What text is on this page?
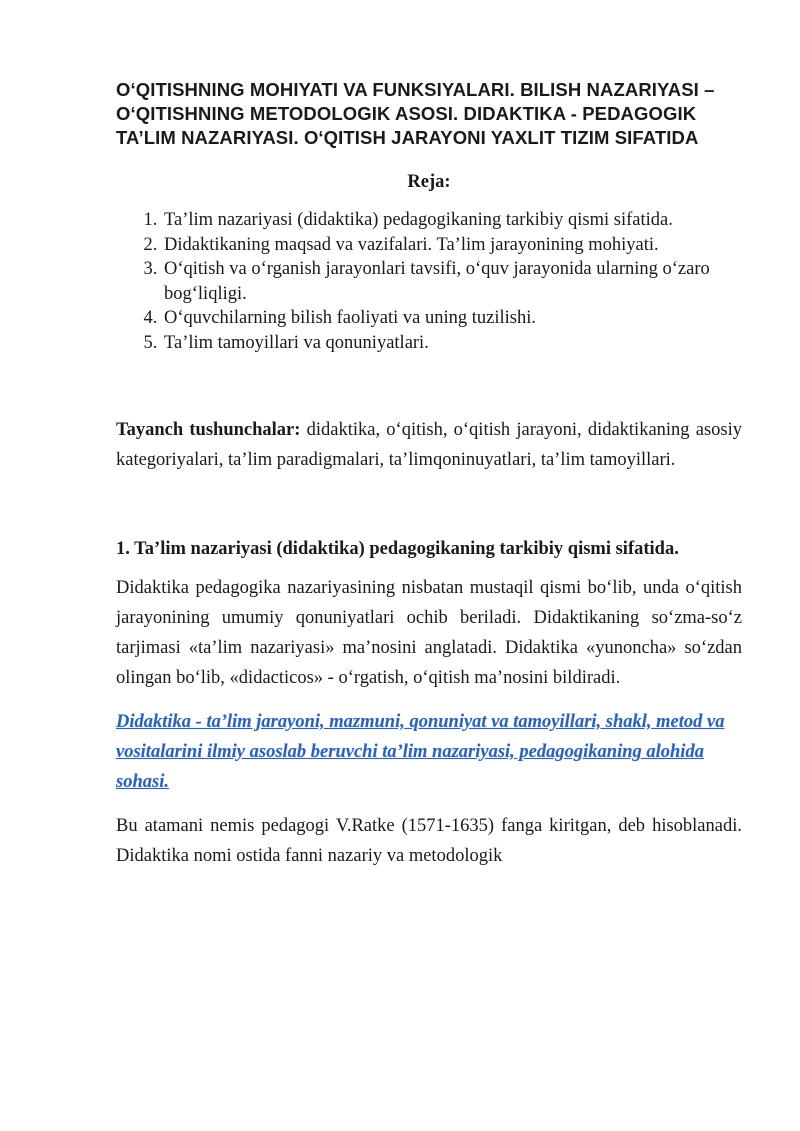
O‘QITISHNING MOHIYATI VA FUNKSIYALARI. BILISH NAZARIYASI – O‘QITISHNING METODOLOGIK ASOSI. DIDAKTIKA - PEDAGOGIK TA’LIM NAZARIYASI. O‘QITISH JARAYONI YAXLIT TIZIM SIFATIDA
Reja:
1. Ta’lim nazariyasi (didaktika) pedagogikaning tarkibiy qismi sifatida.
2. Didaktikaning maqsad va vazifalari. Ta’lim jarayonining mohiyati.
3. O‘qitish va o‘rganish jarayonlari tavsifi, o‘quv jarayonida ularning o‘zaro bog‘liqligi.
4. O‘quvchilarning bilish faoliyati va uning tuzilishi.
5. Ta’lim tamoyillari va qonuniyatlari.

Tayanch tushunchalar: didaktika, o‘qitish, o‘qitish jarayoni, didaktikaning asosiy kategoriyalari, ta’lim paradigmalari, ta’limqoninuyatlari, ta’lim tamoyillari.

1. Ta’lim nazariyasi (didaktika) pedagogikaning tarkibiy qismi sifatida.

Didaktika pedagogika nazariyasining nisbatan mustaqil qismi bo‘lib, unda o‘qitish jarayonining umumiy qonuniyatlari ochib beriladi. Didaktikaning so‘zma-so‘z tarjimasi «ta’lim nazariyasi» ma’nosini anglatadi. Didaktika «yunoncha» so‘zdan olingan bo‘lib, «didacticos» - o‘rgatish, o‘qitish ma’nosini bildiradi.

Didaktika - ta’lim jarayoni, mazmuni, qonuniyat va tamoyillari, shakl, metod va vositalarini ilmiy asoslab beruvchi ta’lim nazariyasi, pedagogikaning alohida sohasi.

Bu atamani nemis pedagogi V.Ratke (1571-1635) fanga kiritgan, deb hisoblanadi. Didaktika nomi ostida fanni nazariy va metodologik
